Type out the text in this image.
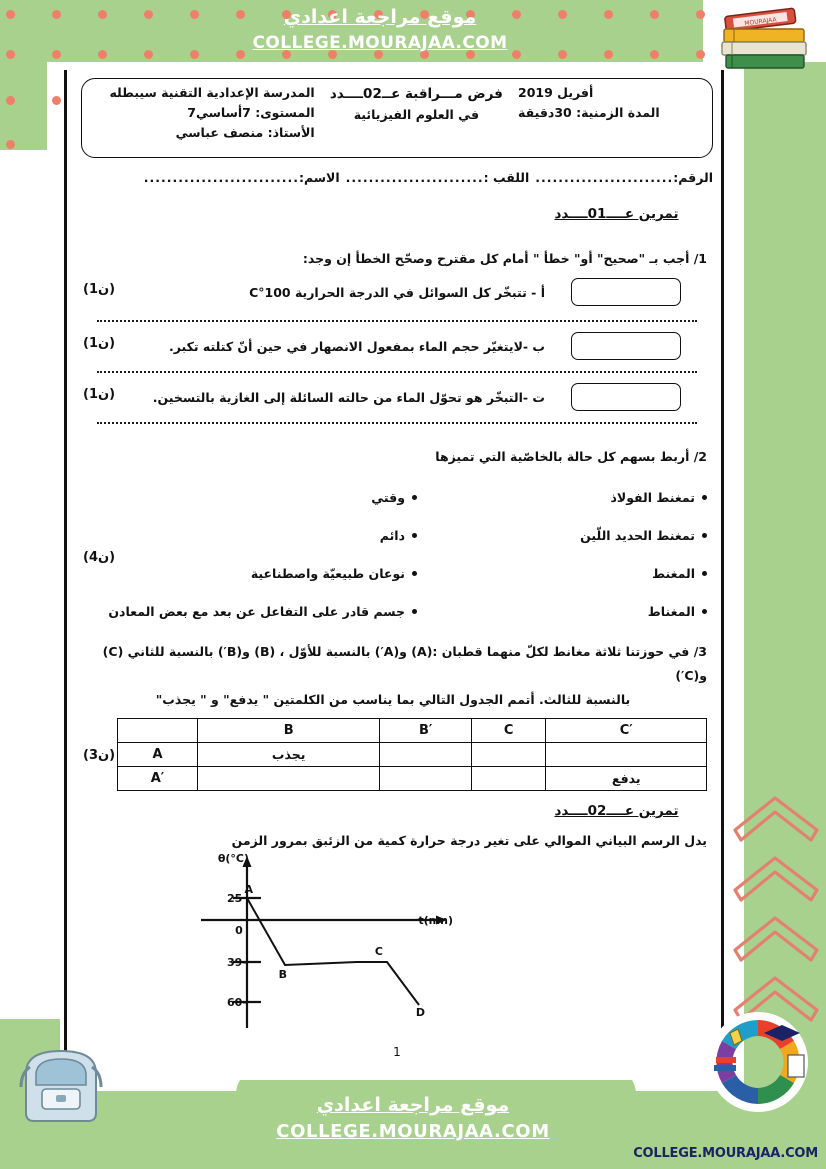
موقع مراجعة اعدادي
COLLEGE.MOURAJAA.COM
MOURAJAA
موقع مراجعة اعدادي
COLLEGE.MOURAJAA.COM
COLLEGE.MOURAJAA.COM
أفريل 2019
المدة الزمنية: 30دقيقة
فرض مـــراقبة عــ02ــــدد
في العلوم الفيزيائية
المدرسة الإعدادية التقنية سيبطله
المستوى: 7أساسي7
الأستاذ: منصف عباسي
الرقم:
........................
اللقب :
........................
الاسم:
...........................
تمرين عــــ01ــــدد
1/ أجب بـ "صحيح" أو" خطأ " أمام كل مقترح وصحّح الخطأ إن وجد:
أ - تتبخّر كل السوائل في الدرجة الحرارية 100°C
(1ن)
ب -لايتغيّر حجم الماء بمفعول الانصهار في حين أنّ كتلته تكبر.
(1ن)
ت -التبخّر هو تحوّل الماء من حالته السائلة إلى الغازية بالتسخين.
(1ن)
2/ أربط بسهم كل حالة بالخاصّية التي تميزها
(4ن)
تمغنط الفولاذ
وقتي
تمغنط الحديد اللّين
دائم
المغنط
نوعان طبيعيّة واصطناعية
المغناط
جسم قادر على التفاعل عن بعد مع بعض المعادن
3/ في حوزتنا ثلاثة مغانط لكلّ منهما قطبان :(A) و(A′) بالنسبة للأوّل ، (B) و(B′) بالنسبة للثاني (C) و(C′)
بالنسبة للثالث. أتمم الجدول التالي بما يناسب من الكلمتين " يدفع" و " يجذب"
(3ن)
	B	B′	C	C′
A	يجذب			
A′				يدفع
تمرين عــــ02ــــدد
يدل الرسم البياني الموالي على تغير درجة حرارة كمية من الزئبق بمرور الزمن
25
-39
-60
0
t(mn)
θ(°C)
A
B
C
D
1
